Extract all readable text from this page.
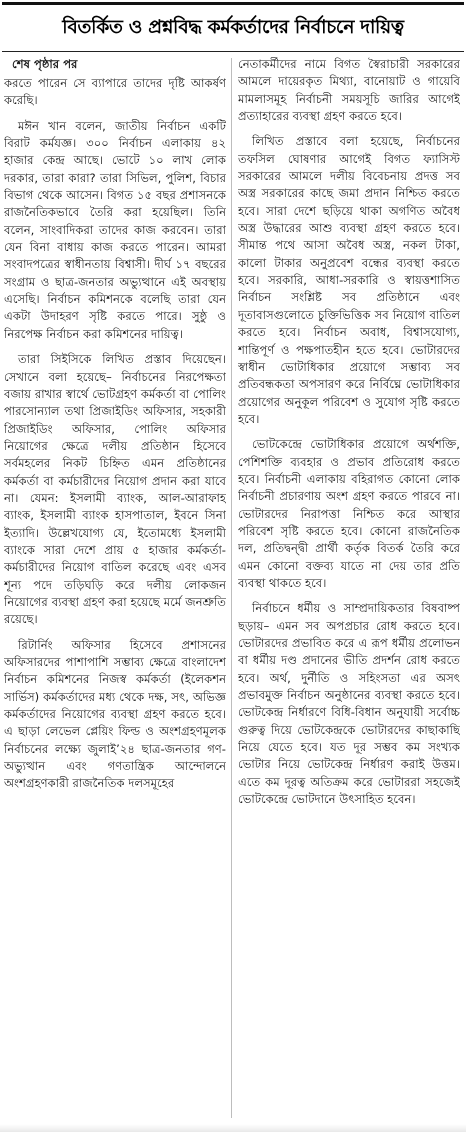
বিতর্কিত ও প্রশ্নবিদ্ধ কর্মকর্তাদের নির্বাচনে দায়িত্ব
শেষ পৃষ্ঠার পর

করতে পারেন সে ব্যাপারে তাদের দৃষ্টি আকর্ষণ করেছি।

মঈন খান বলেন, জাতীয় নির্বাচন একটি বিরাট কর্মযজ্ঞ। ৩০০ নির্বাচন এলাকায় ৪২ হাজার কেন্দ্র আছে। ভোটে ১০ লাখ লোক দরকার, তারা কারা? তারা সিভিল, পুলিশ, বিচার বিভাগ থেকে আসেন। বিগত ১৫ বছর প্রশাসনকে রাজনৈতিকভাবে তৈরি করা হয়েছিল। তিনি বলেন, সাংবাদিকরা তাদের কাজ করবেন। তারা যেন বিনা বাধায় কাজ করতে পারেন। আমরা সংবাদপত্রের স্বাধীনতায় বিশ্বাসী। দীর্ঘ ১৭ বছরের সংগ্রাম ও ছাত্র-জনতার অভ্যুত্থানে এই অবস্থায় এসেছি। নির্বাচন কমিশনকে বলেছি তারা যেন একটা উদাহরণ সৃষ্টি করতে পারে। সুষ্ঠু ও নিরপেক্ষ নির্বাচন করা কমিশনের দায়িত্ব।

তারা সিইসিকে লিখিত প্রস্তাব দিয়েছেন। সেখানে বলা হয়েছে– নির্বাচনের নিরপেক্ষতা বজায় রাখার স্বার্থে ভোটগ্রহণ কর্মকর্তা বা পোলিং পারসোন্যাল তথা প্রিজাইডিং অফিসার, সহকারী প্রিজাইডিং অফিসার, পোলিং অফিসার নিয়োগের ক্ষেত্রে দলীয় প্রতিষ্ঠান হিসেবে সর্বমহলের নিকট চিহ্নিত এমন প্রতিষ্ঠানের কর্মকর্তা বা কর্মচারীদের নিয়োগ প্রদান করা যাবে না। যেমন: ইসলামী ব্যাংক, আল-আরাফাহ ব্যাংক, ইসলামী ব্যাংক হাসপাতাল, ইবনে সিনা ইত্যাদি। উল্লেখযোগ্য যে, ইতোমধ্যে ইসলামী ব্যাংকে সারা দেশে প্রায় ৫ হাজার কর্মকর্তা-কর্মচারীদের নিয়োগ বাতিল করেছে এবং এসব শূন্য পদে তড়িঘড়ি করে দলীয় লোকজন নিয়োগের ব্যবস্থা গ্রহণ করা হয়েছে মর্মে জনশ্রুতি রয়েছে।

রিটার্নিং অফিসার হিসেবে প্রশাসনের অফিসারদের পাশাপাশি সম্ভাব্য ক্ষেত্রে বাংলাদেশ নির্বাচন কমিশনের নিজস্ব কর্মকর্তা (ইলেকশন সার্ভিস) কর্মকর্তাদের মধ্য থেকে দক্ষ, সৎ, অভিজ্ঞ কর্মকর্তাদের নিয়োগের ব্যবস্থা গ্রহণ করতে হবে। এ ছাড়া লেভেল প্লেয়িং ফিল্ড ও অংশগ্রহণমূলক নির্বাচনের লক্ষ্যে জুলাই’২৪ ছাত্র-জনতার গণ-অভ্যুত্থান এবং গণতান্ত্রিক আন্দোলনে অংশগ্রহণকারী রাজনৈতিক দলসমূহের

নেতাকর্মীদের নামে বিগত স্বৈরাচারী সরকারের আমলে দায়েরকৃত মিথ্যা, বানোয়াট ও গায়েবি মামলাসমূহ নির্বাচনী সময়সূচি জারির আগেই প্রত্যাহারের ব্যবস্থা গ্রহণ করতে হবে।

লিখিত প্রস্তাবে বলা হয়েছে, নির্বাচনের তফসিল ঘোষণার আগেই বিগত ফ্যাসিস্ট সরকারের আমলে দলীয় বিবেচনায় প্রদত্ত সব অস্ত্র সরকারের কাছে জমা প্রদান নিশ্চিত করতে হবে। সারা দেশে ছড়িয়ে থাকা অগণিত অবৈধ অস্ত্র উদ্ধারের আশু ব্যবস্থা গ্রহণ করতে হবে। সীমান্ত পথে আসা অবৈধ অস্ত্র, নকল টাকা, কালো টাকার অনুপ্রবেশ বন্ধের ব্যবস্থা করতে হবে। সরকারি, আধা-সরকারি ও স্বায়ত্তশাসিত নির্বাচন সংশ্লিষ্ট সব প্রতিষ্ঠানে এবং দূতাবাসগুলোতে চুক্তিভিত্তিক সব নিয়োগ বাতিল করতে হবে। নির্বাচন অবাধ, বিশ্বাসযোগ্য, শান্তিপূর্ণ ও পক্ষপাতহীন হতে হবে। ভোটারদের স্বাধীন ভোটাধিকার প্রয়োগে সম্ভাব্য সব প্রতিবন্ধকতা অপসারণ করে নির্বিঘ্নে ভোটাধিকার প্রয়োগের অনুকূল পরিবেশ ও সুযোগ সৃষ্টি করতে হবে।

ভোটকেন্দ্রে ভোটাধিকার প্রয়োগে অর্থশক্তি, পেশিশক্তি ব্যবহার ও প্রভাব প্রতিরোধ করতে হবে। নির্বাচনী এলাকায় বহিরাগত কোনো লোক নির্বাচনী প্রচারণায় অংশ গ্রহণ করতে পারবে না। ভোটারদের নিরাপত্তা নিশ্চিত করে আস্থার পরিবেশ সৃষ্টি করতে হবে। কোনো রাজনৈতিক দল, প্রতিদ্বন্দ্বী প্রার্থী কর্তৃক বিতর্ক তৈরি করে এমন কোনো বক্তব্য যাতে না দেয় তার প্রতি ব্যবস্থা থাকতে হবে।

নির্বাচনে ধর্মীয় ও সাম্প্রদায়িকতার বিষবাষ্প ছড়ায়– এমন সব অপপ্রচার রোধ করতে হবে। ভোটারদের প্রভাবিত করে এ রূপ ধর্মীয় প্রলোভন বা ধর্মীয় দণ্ড প্রদানের ভীতি প্রদর্শন রোধ করতে হবে। অর্থ, দুর্নীতি ও সহিংসতা এর অসৎ প্রভাবমুক্ত নির্বাচন অনুষ্ঠানের ব্যবস্থা করতে হবে। ভোটকেন্দ্র নির্ধারণে বিধি-বিধান অনুযায়ী সর্বোচ্চ গুরুত্ব দিয়ে ভোটকেন্দ্রকে ভোটারদের কাছাকাছি নিয়ে যেতে হবে। যত দূর সম্ভব কম সংখ্যক ভোটার নিয়ে ভোটকেন্দ্র নির্ধারণ করাই উত্তম। এতে কম দূরত্ব অতিক্রম করে ভোটাররা সহজেই ভোটকেন্দ্রে ভোটদানে উৎসাহিত হবেন।
